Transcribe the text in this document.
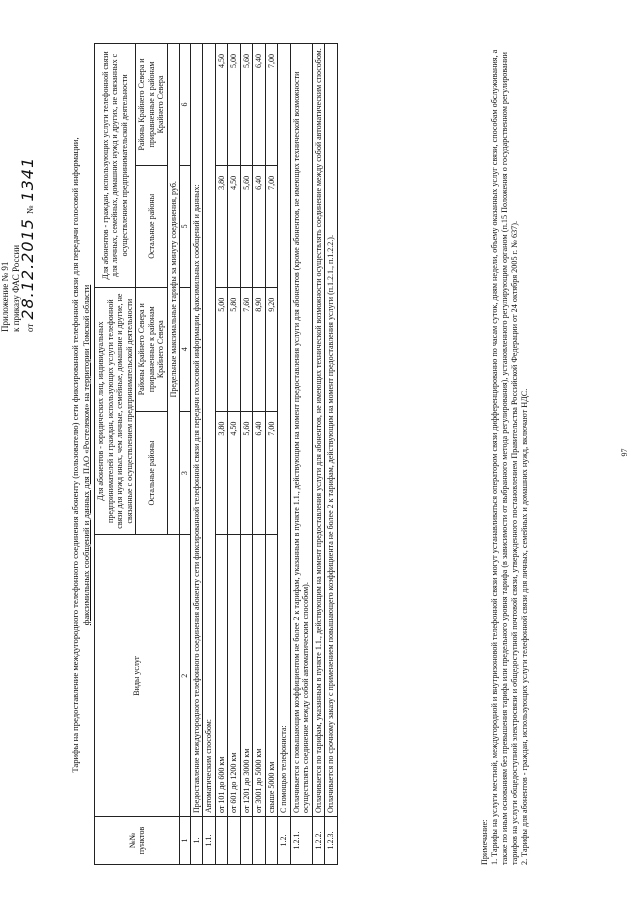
Приложение № 91 к приказу ФАС России от
28.12.2015
№
1341	Тарифы на предоставление междугородного телефонного соединения абоненту (пользователю) сети фиксированной телефонной связи для передачи голосовой информации, факсимильных сообщений и данных для ПАО «Ростелеком» на территории Томской области
№№ пунктов	Виды услуг	Для абонентов - юридических лиц, индивидуальных предпринимателей и граждан, использующих услуги телефонной связи для нужд иных, чем личные, семейные, домашние и другие, не связанные с осуществлением предпринимательской деятельности		Для абонентов - граждан, использующих услуги телефонной связи для личных, семейных, домашних нужд и других, не связанных с осуществлением предпринимательской деятельности	
		Остальные районы	Районы Крайнего Севера и приравненные к районам Крайнего Севера	Остальные районы	Районы Крайнего Севера и приравненные к районам Крайнего Севера
		Предельные максимальные тарифы за минуту соединения, руб.			
1	2	3	4	5	6
1.	Предоставление междугородного телефонного соединения абоненту сети фиксированной телефонной связи для передачи голосовой информации, факсимильных сообщений и данных:				
1.1.	Автоматическим способом:				
	от 101 до 600 км	3,80	5,00	3,80	4,50
	от 601 до 1200 км	4,50	5,80	4,50	5,00
	от 1201 до 3000 км	5,60	7,60	5,60	5,60
	от 3001 до 5000 км	6,40	8,90	6,40	6,40
	свыше 5000 км	7,00	9,20	7,00	7,00
1.2.	С помощью телефониста:				
1.2.1.	Оплачивается с повышающим коэффициентом не более 2 к тарифам, указанным в пункте 1.1., действующим на момент предоставления услуги для абонентов (кроме абонентов, не имеющих технической возможности осуществлять соединение между собой автоматическим способом).				
1.2.2.	Оплачивается по тарифам, указанным в пункте 1.1., действующим на момент предоставления услуги для абонентов, не имеющих технической возможности осуществлять соединение между собой автоматическим способом.				
1.2.3.	Оплачивается по срочному заказу с применением повышающего коэффициента не более 2 к тарифам, действующим на момент предоставления услуги (п.1.2.1., п.1.2.2.).				
Примечание: 1. Тарифы на услуги местной, междугородной и внутризоновой телефонной связи могут устанавливаться оператором связи дифференцированно по часам суток, дням недели, объему оказанных услуг связи, способам обслуживания, а также по иным основаниям без превышения тарифа или предельного уровня тарифа (в зависимости от выбранного метода регулирования), установленного регулирующим органом (п.15 Положения о государственном регулировании тарифов на услуги общедоступной электросвязи и общедоступной почтовой связи, утвержденного постановлением Правительства Российской Федерации от 24 октября 2005 г. № 637). 2. Тарифы для абонентов - граждан, использующих услуги телефонной связи для личных, семейных и домашних нужд, включают НДС.	97
